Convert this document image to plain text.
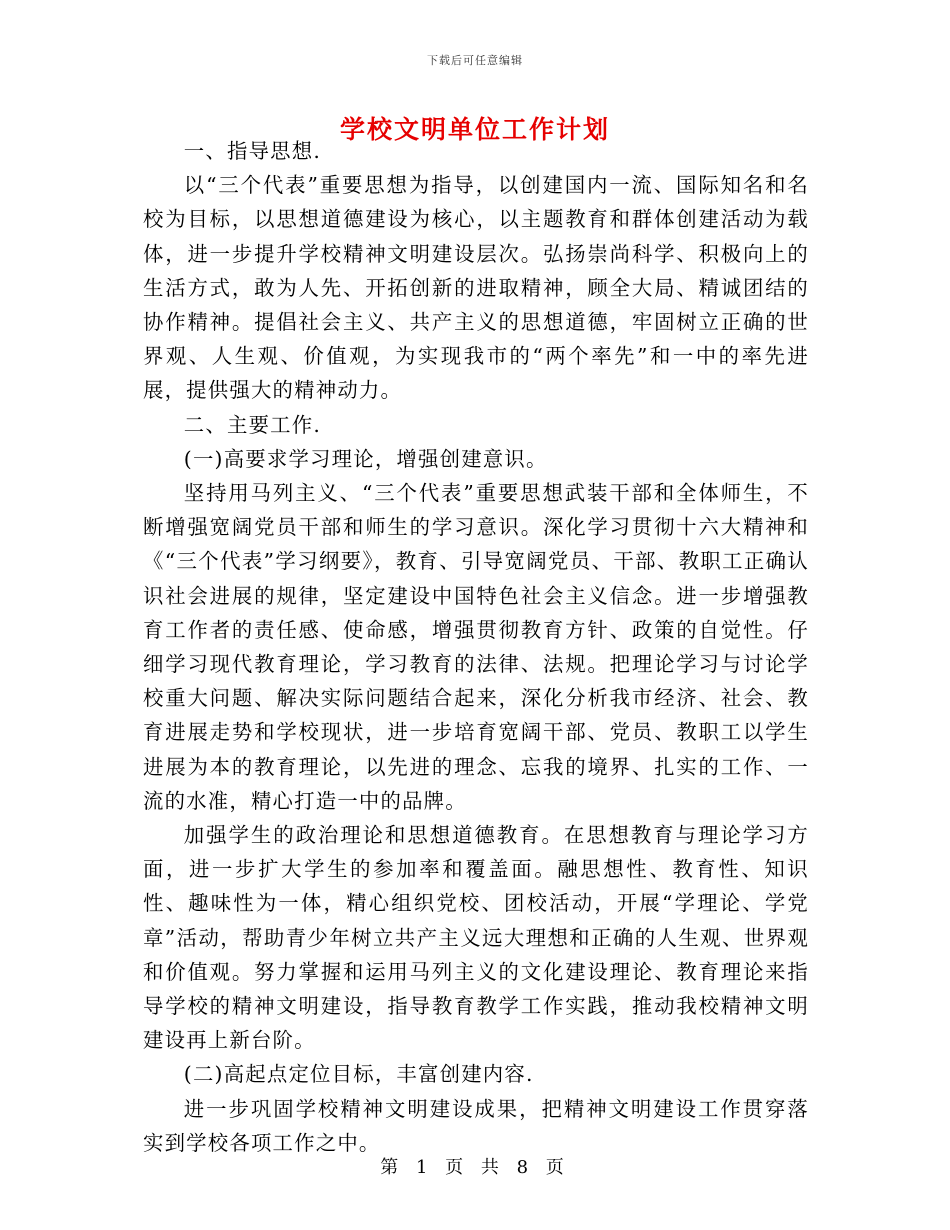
下载后可任意编辑
学校文明单位工作计划

一、指导思想.

以“三个代表”重要思想为指导，以创建国内一流、国际知名和名校为目标，以思想道德建设为核心，以主题教育和群体创建活动为载体，进一步提升学校精神文明建设层次。弘扬崇尚科学、积极向上的生活方式，敢为人先、开拓创新的进取精神，顾全大局、精诚团结的协作精神。提倡社会主义、共产主义的思想道德，牢固树立正确的世界观、人生观、价值观，为实现我市的“两个率先”和一中的率先进展，提供强大的精神动力。

二、主要工作.

(一)高要求学习理论，增强创建意识。

坚持用马列主义、“三个代表”重要思想武装干部和全体师生，不断增强宽阔党员干部和师生的学习意识。深化学习贯彻十六大精神和《“三个代表”学习纲要》，教育、引导宽阔党员、干部、教职工正确认识社会进展的规律，坚定建设中国特色社会主义信念。进一步增强教育工作者的责任感、使命感，增强贯彻教育方针、政策的自觉性。仔细学习现代教育理论，学习教育的法律、法规。把理论学习与讨论学校重大问题、解决实际问题结合起来，深化分析我市经济、社会、教育进展走势和学校现状，进一步培育宽阔干部、党员、教职工以学生进展为本的教育理论，以先进的理念、忘我的境界、扎实的工作、一流的水准，精心打造一中的品牌。

加强学生的政治理论和思想道德教育。在思想教育与理论学习方面，进一步扩大学生的参加率和覆盖面。融思想性、教育性、知识性、趣味性为一体，精心组织党校、团校活动，开展“学理论、学党章”活动，帮助青少年树立共产主义远大理想和正确的人生观、世界观和价值观。努力掌握和运用马列主义的文化建设理论、教育理论来指导学校的精神文明建设，指导教育教学工作实践，推动我校精神文明建设再上新台阶。

(二)高起点定位目标，丰富创建内容.

进一步巩固学校精神文明建设成果，把精神文明建设工作贯穿落实到学校各项工作之中。

第 1 页 共 8 页
